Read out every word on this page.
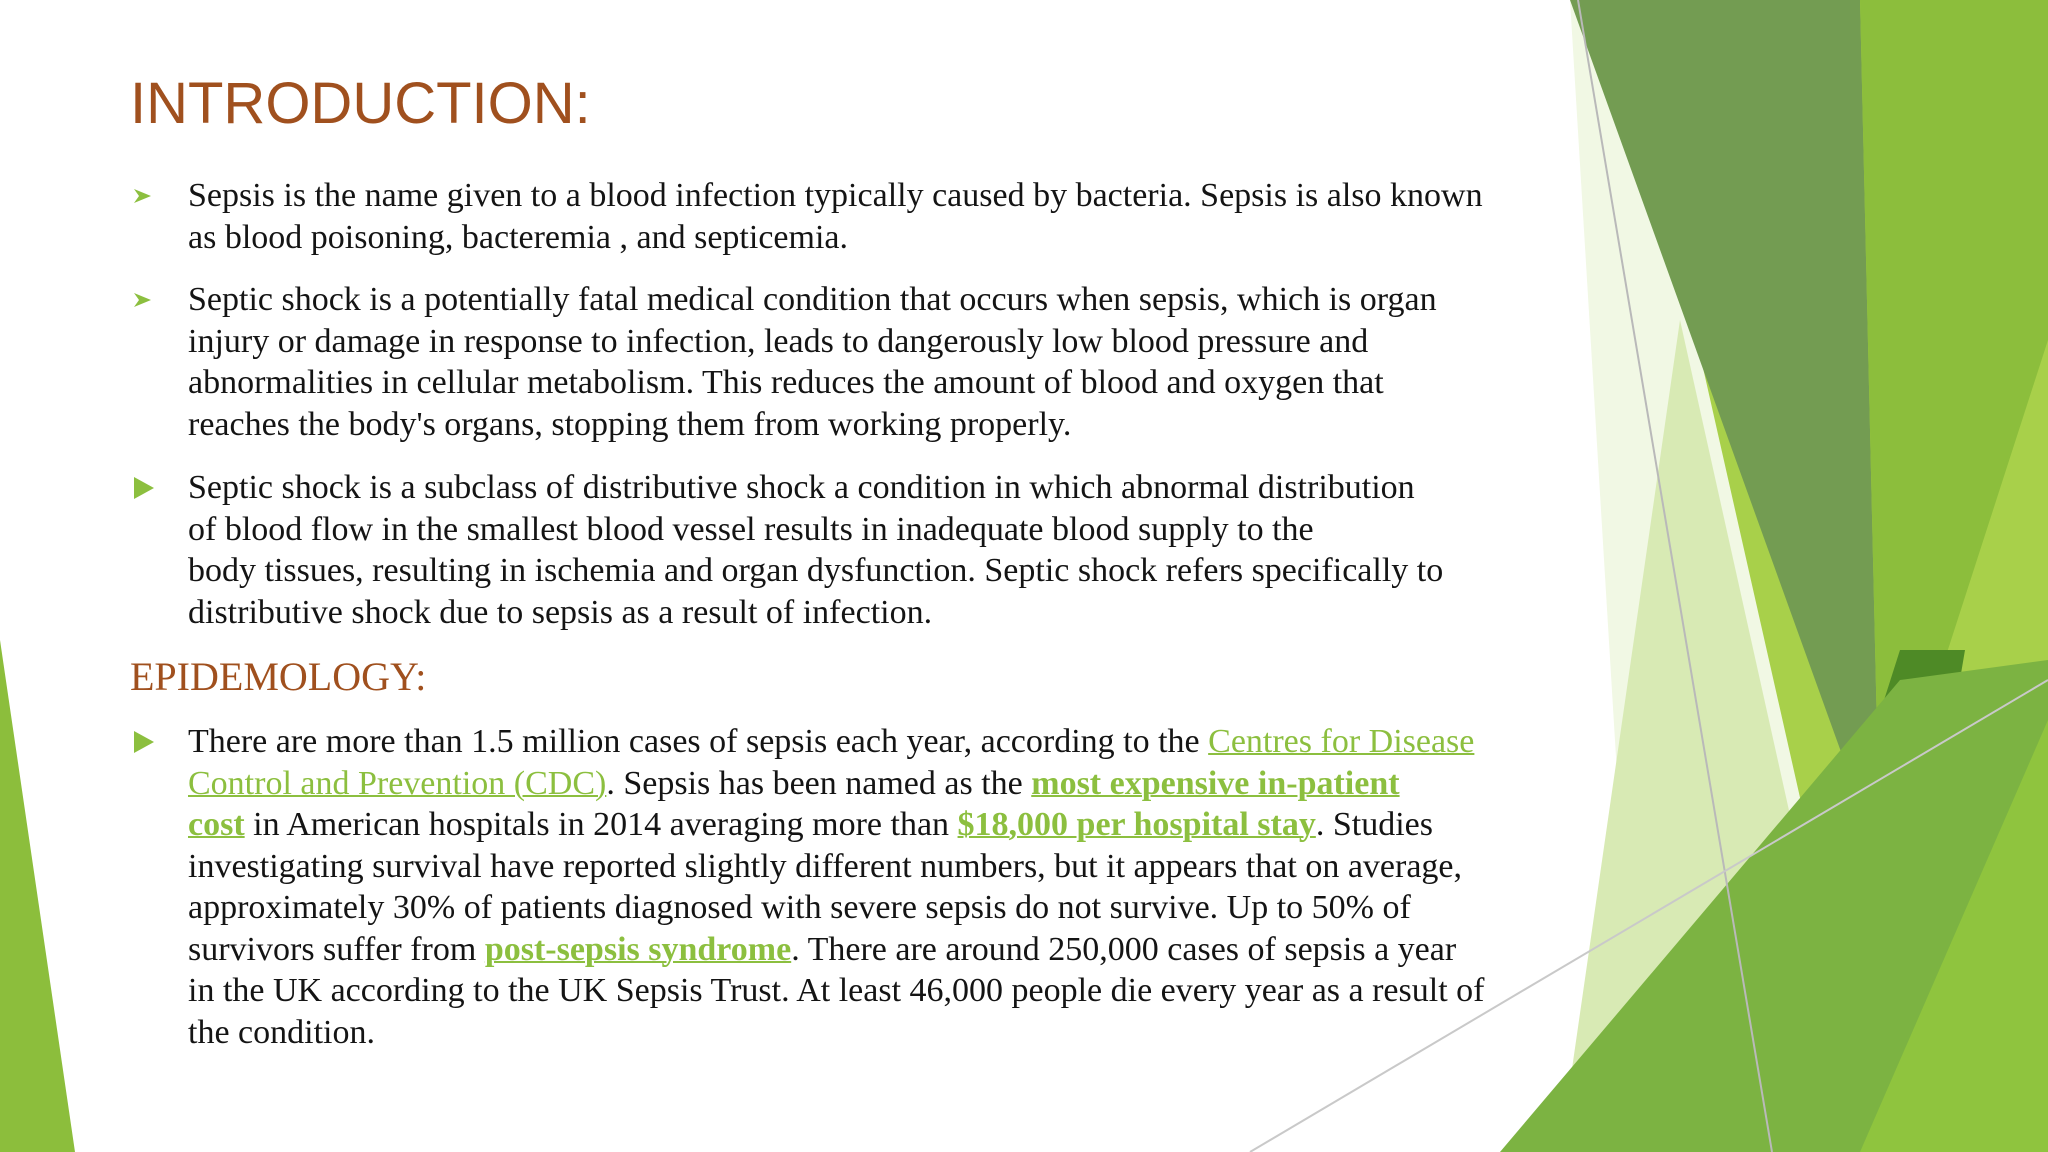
INTRODUCTION:
Sepsis is the name given to a blood infection typically caused by bacteria. Sepsis is also known
as blood poisoning, bacteremia , and septicemia.
Septic shock is a potentially fatal medical condition that occurs when sepsis, which is organ
injury or damage in response to infection, leads to dangerously low blood pressure and
abnormalities in cellular metabolism. This reduces the amount of blood and oxygen that
reaches the body's organs, stopping them from working properly.
Septic shock is a subclass of distributive shock a condition in which abnormal distribution
of blood flow in the smallest blood vessel results in inadequate blood supply to the
body tissues, resulting in ischemia and organ dysfunction. Septic shock refers specifically to
distributive shock due to sepsis as a result of infection.
EPIDEMOLOGY:
There are more than 1.5 million cases of sepsis each year, according to the Centres for Disease
Control and Prevention (CDC). Sepsis has been named as the most expensive in-patient
cost in American hospitals in 2014 averaging more than $18,000 per hospital stay. Studies
investigating survival have reported slightly different numbers, but it appears that on average,
approximately 30% of patients diagnosed with severe sepsis do not survive. Up to 50% of
survivors suffer from post-sepsis syndrome. There are around 250,000 cases of sepsis a year
in the UK according to the UK Sepsis Trust. At least 46,000 people die every year as a result of
the condition.
